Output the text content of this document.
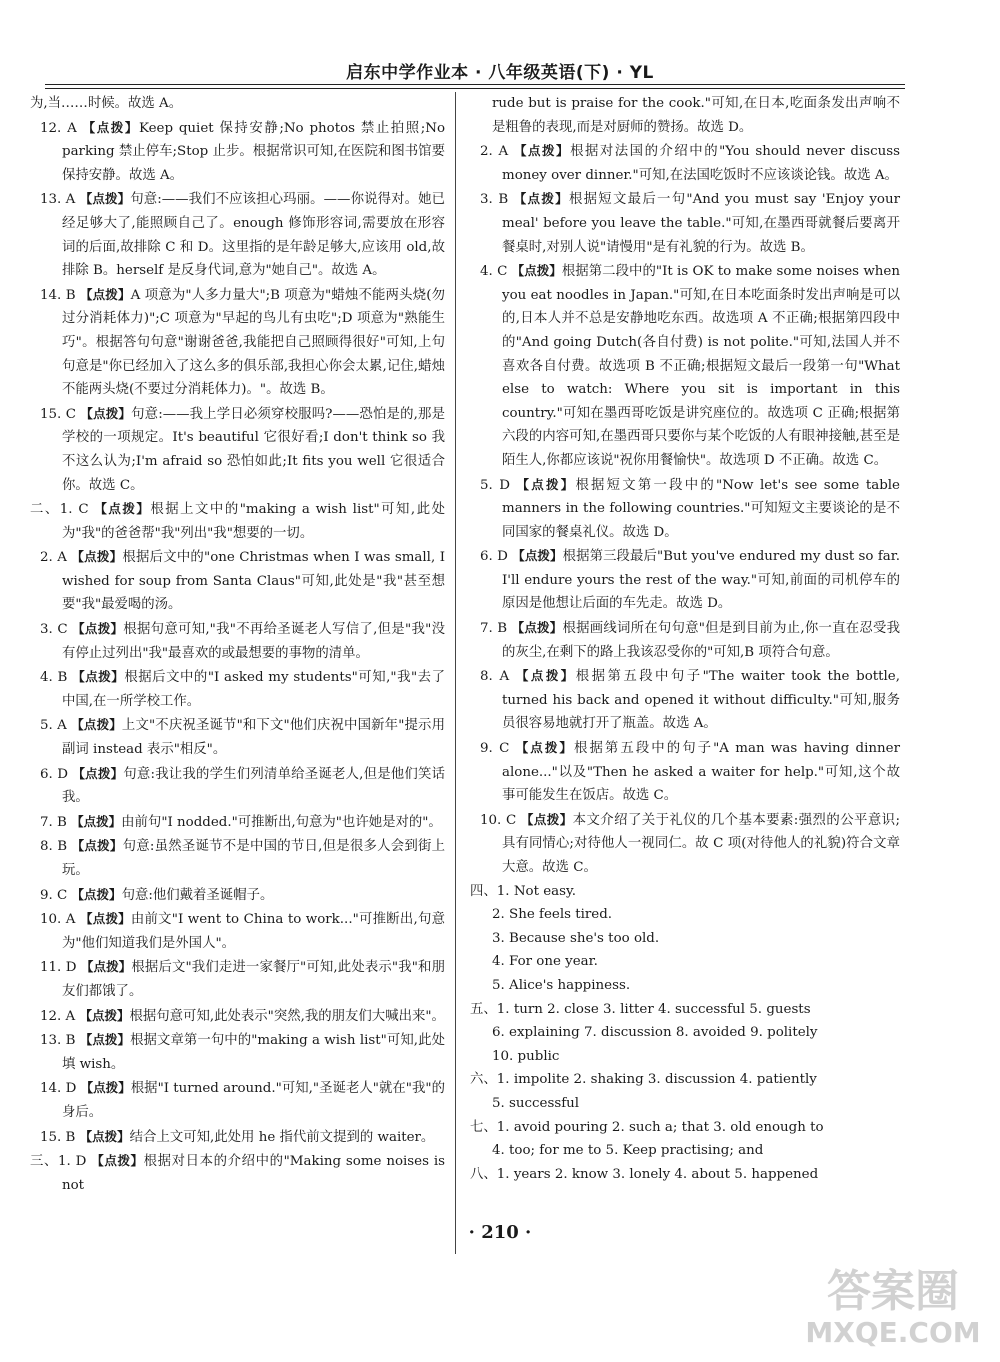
启东中学作业本 · 八年级英语(下) · YL

为,当……时候。故选 A。

12. A 【点拨】Keep quiet 保持安静;No photos 禁止拍照;No parking 禁止停车;Stop 止步。根据常识可知,在医院和图书馆要保持安静。故选 A。

13. A 【点拨】句意:——我们不应该担心玛丽。——你说得对。她已经足够大了,能照顾自己了。enough 修饰形容词,需要放在形容词的后面,故排除 C 和 D。这里指的是年龄足够大,应该用 old,故排除 B。herself 是反身代词,意为"她自己"。故选 A。

14. B 【点拨】A 项意为"人多力量大";B 项意为"蜡烛不能两头烧(勿过分消耗体力)";C 项意为"早起的鸟儿有虫吃";D 项意为"熟能生巧"。根据答句句意"谢谢爸爸,我能把自己照顾得很好"可知,上句句意是"你已经加入了这么多的俱乐部,我担心你会太累,记住,蜡烛不能两头烧(不要过分消耗体力)。"。故选 B。

15. C 【点拨】句意:——我上学日必须穿校服吗?——恐怕是的,那是学校的一项规定。It's beautiful 它很好看;I don't think so 我不这么认为;I'm afraid so 恐怕如此;It fits you well 它很适合你。故选 C。

二、1. C 【点拨】根据上文中的"making a wish list"可知,此处为"我"的爸爸帮"我"列出"我"想要的一切。

2. A 【点拨】根据后文中的"one Christmas when I was small, I wished for soup from Santa Claus"可知,此处是"我"甚至想要"我"最爱喝的汤。

3. C 【点拨】根据句意可知,"我"不再给圣诞老人写信了,但是"我"没有停止过列出"我"最喜欢的或最想要的事物的清单。

4. B 【点拨】根据后文中的"I asked my students"可知,"我"去了中国,在一所学校工作。

5. A 【点拨】上文"不庆祝圣诞节"和下文"他们庆祝中国新年"提示用副词 instead 表示"相反"。

6. D 【点拨】句意:我让我的学生们列清单给圣诞老人,但是他们笑话我。

7. B 【点拨】由前句"I nodded."可推断出,句意为"也许她是对的"。

8. B 【点拨】句意:虽然圣诞节不是中国的节日,但是很多人会到街上玩。

9. C 【点拨】句意:他们戴着圣诞帽子。

10. A 【点拨】由前文"I went to China to work..."可推断出,句意为"他们知道我们是外国人"。

11. D 【点拨】根据后文"我们走进一家餐厅"可知,此处表示"我"和朋友们都饿了。

12. A 【点拨】根据句意可知,此处表示"突然,我的朋友们大喊出来"。

13. B 【点拨】根据文章第一句中的"making a wish list"可知,此处填 wish。

14. D 【点拨】根据"I turned around."可知,"圣诞老人"就在"我"的身后。

15. B 【点拨】结合上文可知,此处用 he 指代前文提到的 waiter。

三、1. D 【点拨】根据对日本的介绍中的"Making some noises is not

rude but is praise for the cook."可知,在日本,吃面条发出声响不是粗鲁的表现,而是对厨师的赞扬。故选 D。

2. A 【点拨】根据对法国的介绍中的"You should never discuss money over dinner."可知,在法国吃饭时不应该谈论钱。故选 A。

3. B 【点拨】根据短文最后一句"And you must say 'Enjoy your meal' before you leave the table."可知,在墨西哥就餐后要离开餐桌时,对别人说"请慢用"是有礼貌的行为。故选 B。

4. C 【点拨】根据第二段中的"It is OK to make some noises when you eat noodles in Japan."可知,在日本吃面条时发出声响是可以的,日本人并不总是安静地吃东西。故选项 A 不正确;根据第四段中的"And going Dutch(各自付费) is not polite."可知,法国人并不喜欢各自付费。故选项 B 不正确;根据短文最后一段第一句"What else to watch: Where you sit is important in this country."可知在墨西哥吃饭是讲究座位的。故选项 C 正确;根据第六段的内容可知,在墨西哥只要你与某个吃饭的人有眼神接触,甚至是陌生人,你都应该说"祝你用餐愉快"。故选项 D 不正确。故选 C。

5. D 【点拨】根据短文第一段中的"Now let's see some table manners in the following countries."可知短文主要谈论的是不同国家的餐桌礼仪。故选 D。

6. D 【点拨】根据第三段最后"But you've endured my dust so far. I'll endure yours the rest of the way."可知,前面的司机停车的原因是他想让后面的车先走。故选 D。

7. B 【点拨】根据画线词所在句句意"但是到目前为止,你一直在忍受我的灰尘,在剩下的路上我该忍受你的"可知,B 项符合句意。

8. A 【点拨】根据第五段中句子"The waiter took the bottle, turned his back and opened it without difficulty."可知,服务员很容易地就打开了瓶盖。故选 A。

9. C 【点拨】根据第五段中的句子"A man was having dinner alone..."以及"Then he asked a waiter for help."可知,这个故事可能发生在饭店。故选 C。

10. C 【点拨】本文介绍了关于礼仪的几个基本要素:强烈的公平意识;具有同情心;对待他人一视同仁。故 C 项(对待他人的礼貌)符合文章大意。故选 C。

四、1. Not easy.

2. She feels tired.

3. Because she's too old.

4. For one year.

5. Alice's happiness.

五、1. turn 2. close 3. litter 4. successful 5. guests

6. explaining 7. discussion 8. avoided 9. politely

10. public

六、1. impolite 2. shaking 3. discussion 4. patiently

5. successful

七、1. avoid pouring 2. such a; that 3. old enough to

4. too; for me to 5. Keep practising; and

八、1. years 2. know 3. lonely 4. about 5. happened

· 210 ·
答案圈
MXQE.COM
